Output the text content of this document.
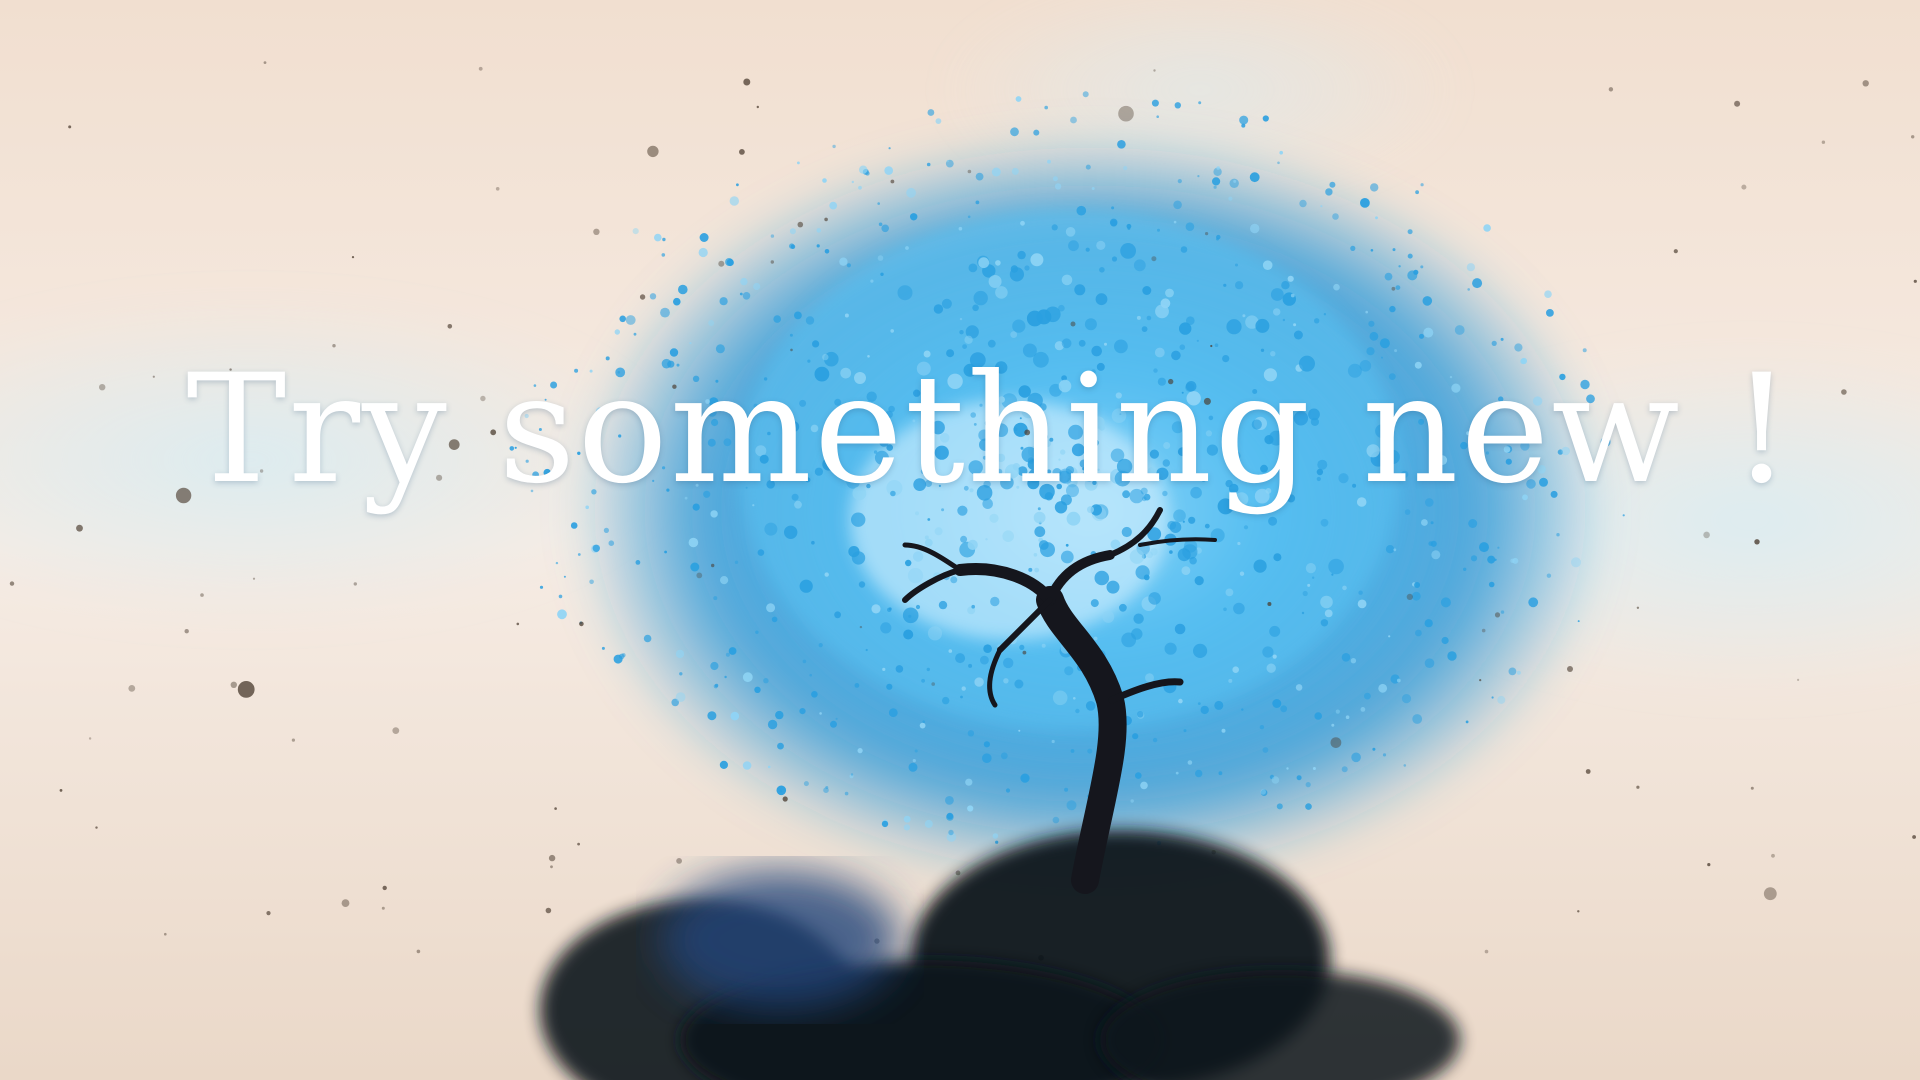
Try something new !
